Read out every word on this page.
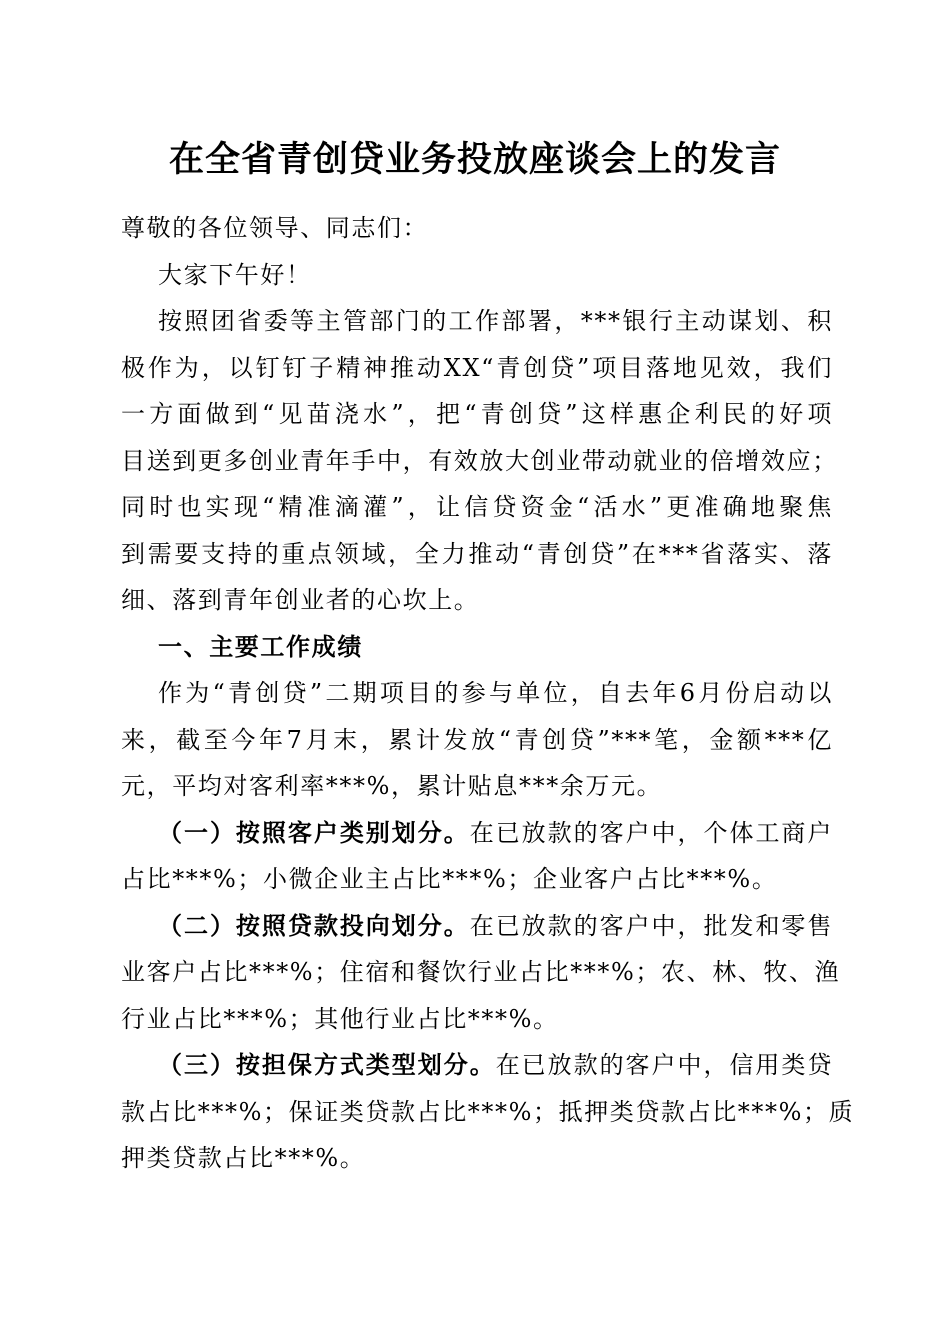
在全省青创贷业务投放座谈会上的发言
尊敬的各位领导、同志们：
大家下午好！
按照团省委等主管部门的工作部署，***银行主动谋划、积
极作为，以钉钉子精神推动XX“青创贷”项目落地见效，我们
一方面做到“见苗浇水”，把“青创贷”这样惠企利民的好项
目送到更多创业青年手中，有效放大创业带动就业的倍增效应；
同时也实现“精准滴灌”，让信贷资金“活水”更准确地聚焦
到需要支持的重点领域，全力推动“青创贷”在***省落实、落
细、落到青年创业者的心坎上。
一、主要工作成绩
作为“青创贷”二期项目的参与单位，自去年6月份启动以
来，截至今年7月末，累计发放“青创贷”***笔，金额***亿
元，平均对客利率***%，累计贴息***余万元。
（一）按照客户类别划分。在已放款的客户中，个体工商户
占比***%；小微企业主占比***%；企业客户占比***%。
（二）按照贷款投向划分。在已放款的客户中，批发和零售
业客户占比***%；住宿和餐饮行业占比***%；农、林、牧、渔
行业占比***%；其他行业占比***%。
（三）按担保方式类型划分。在已放款的客户中，信用类贷
款占比***%；保证类贷款占比***%；抵押类贷款占比***%；质
押类贷款占比***%。
